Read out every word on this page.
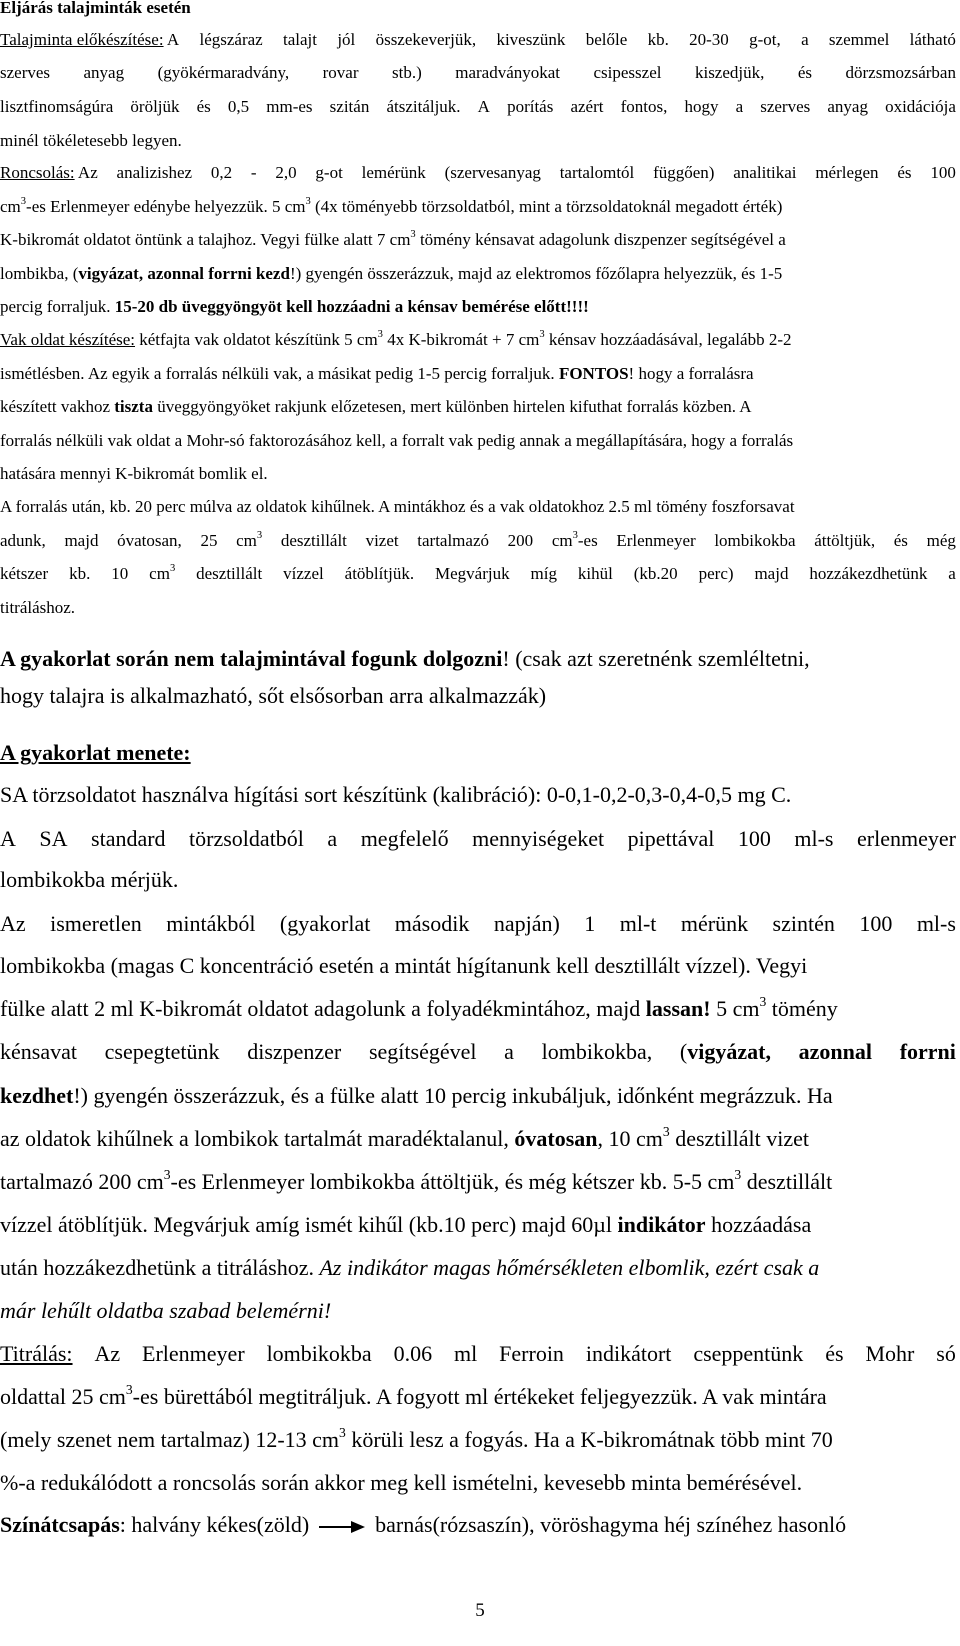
Eljárás talajminták esetén
Talajminta előkészítése: A légszáraz talajt jól összekeverjük, kiveszünk belőle kb. 20-30 g-ot, a szemmel látható
szerves anyag (gyökérmaradvány, rovar stb.) maradványokat csipesszel kiszedjük, és dörzsmozsárban
lisztfinomságúra öröljük és 0,5 mm-es szitán átszitáljuk. A porítás azért fontos, hogy a szerves anyag oxidációja
minél tökéletesebb legyen.
Roncsolás: Az analizishez 0,2 - 2,0 g-ot lemérünk (szervesanyag tartalomtól függően) analitikai mérlegen és 100
$cm^3-es$ Erlenmeyer edénybe helyezzük. 5 $cm^3$ (4x töményebb törzsoldatból, mint a törzsoldatoknál megadott érték)
K-bikromát oldatot öntünk a talajhoz. Vegyi fülke alatt 7 $cm^3$ tömény kénsavat adagolunk diszpenzer segítségével a
lombikba, (vigyázat, azonnal forrni kezd!) gyengén összerázzuk, majd az elektromos főzőlapra helyezzük, és 1-5
percig forraljuk. 15-20 db üveggyöngyöt kell hozzáadni a kénsav bemérése előtt!!!!
Vak oldat készítése: kétfajta vak oldatot készítünk 5 $cm^3$ 4x K-bikromát + 7 $cm^3$ kénsav hozzáadásával, legalább 2-2
ismétlésben. Az egyik a forralás nélküli vak, a másikat pedig 1-5 percig forraljuk. FONTOS! hogy a forralásra
készített vakhoz tiszta üveggyöngyöket rakjunk előzetesen, mert különben hirtelen kifuthat forralás közben. A
forralás nélküli vak oldat a Mohr-só faktorozásához kell, a forralt vak pedig annak a megállapítására, hogy a forralás
hatására mennyi K-bikromát bomlik el.
A forralás után, kb. 20 perc múlva az oldatok kihűlnek. A mintákhoz és a vak oldatokhoz 2.5 ml tömény foszforsavat
adunk, majd óvatosan, 25 $cm^3$ desztillált vizet tartalmazó 200 $cm^3-es$ Erlenmeyer lombikokba áttöltjük, és még
kétszer kb. 10 $cm^3$ desztillált vízzel átöblítjük. Megvárjuk míg kihül (kb.20 perc) majd hozzákezdhetünk a
titráláshoz.
A gyakorlat során nem talajmintával fogunk dolgozni! (csak azt szeretnénk szemléltetni,
hogy talajra is alkalmazható, sőt elsősorban arra alkalmazzák)
A gyakorlat menete:
SA törzsoldatot használva hígítási sort készítünk (kalibráció): 0-0,1-0,2-0,3-0,4-0,5 mg C.
A SA standard törzsoldatból a megfelelő mennyiségeket pipettával 100 ml-s erlenmeyer
lombikokba mérjük.
Az ismeretlen mintákból (gyakorlat második napján) 1 ml-t mérünk szintén 100 ml-s
lombikokba (magas C koncentráció esetén a mintát hígítanunk kell desztillált vízzel). Vegyi
fülke alatt 2 ml K-bikromát oldatot adagolunk a folyadékmintához, majd lassan! 5 $cm^3$ tömény
kénsavat csepegtetünk diszpenzer segítségével a lombikokba, (vigyázat, azonnal forrni
kezdhet!) gyengén összerázzuk, és a fülke alatt 10 percig inkubáljuk, időnként megrázzuk. Ha
az oldatok kihűlnek a lombikok tartalmát maradéktalanul, óvatosan, 10 $cm^3$ desztillált vizet
tartalmazó 200 $cm^3-es$ Erlenmeyer lombikokba áttöltjük, és még kétszer kb. 5-5 $cm^3$ desztillált
vízzel átöblítjük. Megvárjuk amíg ismét kihűl (kb.10 perc) majd 60µl indikátor hozzáadása
után hozzákezdhetünk a titráláshoz. Az indikátor magas hőmérsékleten elbomlik, ezért csak a
már lehűlt oldatba szabad belemérni!
Titrálás: Az Erlenmeyer lombikokba 0.06 ml Ferroin indikátort cseppentünk és Mohr só
oldattal 25 $cm^3-es$ bürettából megtitráljuk. A fogyott ml értékeket feljegyezzük. A vak mintára
(mely szenet nem tartalmaz) 12-13 $cm^3$ körüli lesz a fogyás. Ha a K-bikromátnak több mint 70
%-a redukálódott a roncsolás során akkor meg kell ismételni, kevesebb minta bemérésével.
Színátcsapás: halvány kékes(zöld)	barnás(rózsaszín), vöröshagyma héj színéhez hasonló
5
